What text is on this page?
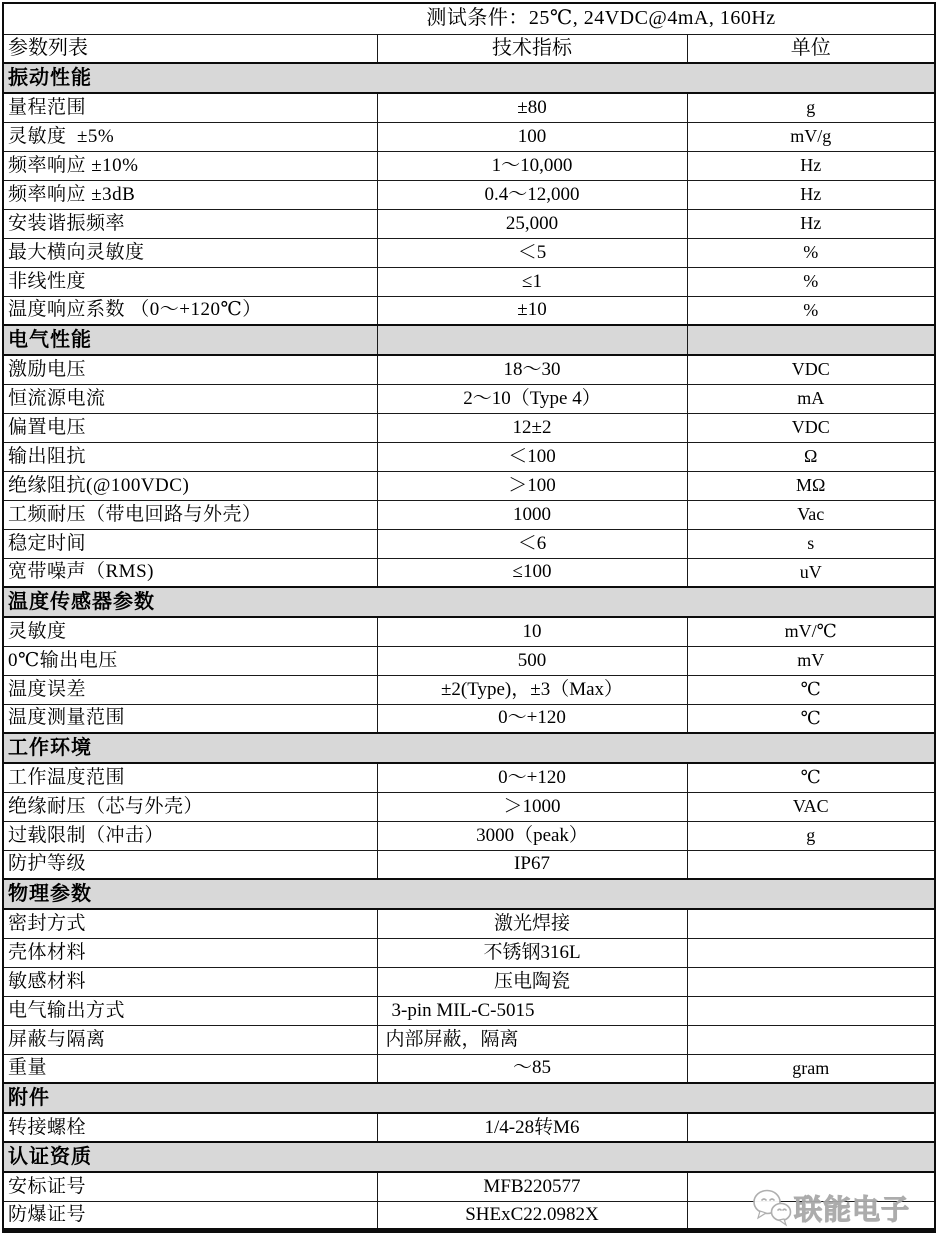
测试条件：25℃, 24VDC@4mA, 160Hz		
参数列表	技术指标	单位
振动性能		
量程范围	±80	g
灵敏度  ±5%	100	mV/g
频率响应 ±10%	1～10,000	Hz
频率响应 ±3dB	0.4～12,000	Hz
安装谐振频率	25,000	Hz
最大横向灵敏度	＜5	%
非线性度	≤1	%
温度响应系数 （0～+120℃）	±10	%
电气性能		
激励电压	18～30	VDC
恒流源电流	2～10（Type 4）	mA
偏置电压	12±2	VDC
输出阻抗	＜100	Ω
绝缘阻抗(@100VDC)	＞100	MΩ
工频耐压（带电回路与外壳）	1000	Vac
稳定时间	＜6	s
宽带噪声（RMS)	≤100	uV
温度传感器参数		
灵敏度	10	mV/℃
0℃输出电压	500	mV
温度误差	±2(Type)，±3（Max）	℃
温度测量范围	0～+120	℃
工作环境		
工作温度范围	0～+120	℃
绝缘耐压（芯与外壳）	＞1000	VAC
过载限制（冲击）	3000（peak）	g
防护等级	IP67	
物理参数		
密封方式	激光焊接	
壳体材料	不锈钢316L	
敏感材料	压电陶瓷	
电气输出方式	3-pin MIL-C-5015	
屏蔽与隔离	内部屏蔽，隔离	
重量	～85	gram
附件		
转接螺栓	1/4-28转M6	
认证资质		
安标证号	MFB220577	
防爆证号	SHExC22.0982X		联能电子
